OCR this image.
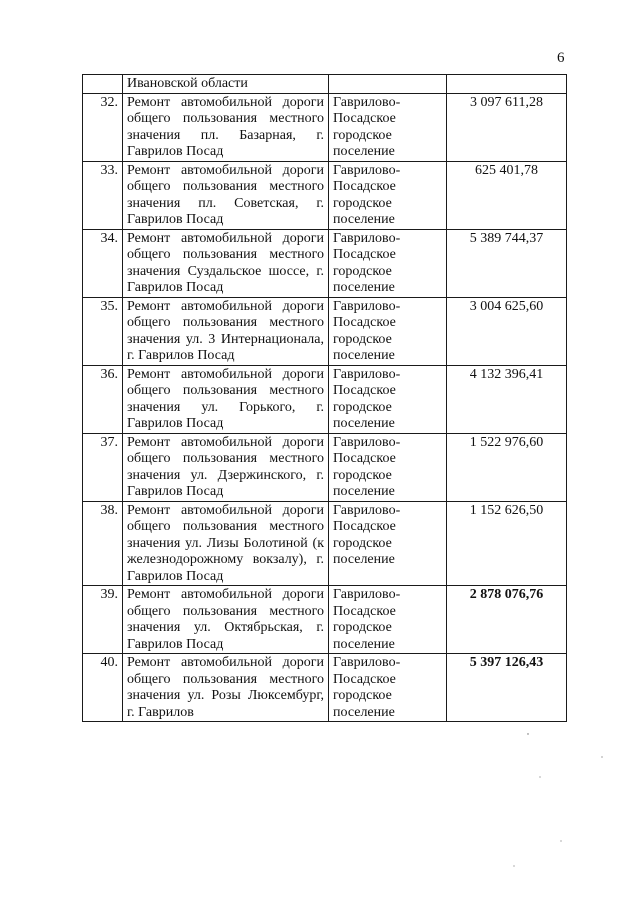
6
	Ивановской области		
32.	Ремонт автомобильной дороги общего пользования местного значения пл. Базарная, г. Гаврилов Посад	Гаврилово-Посадское городское поселение	3 097 611,28
33.	Ремонт автомобильной дороги общего пользования местного значения пл. Советская, г. Гаврилов Посад	Гаврилово-Посадское городское поселение	625 401,78
34.	Ремонт автомобильной дороги общего пользования местного значения Суздальское шоссе, г. Гаврилов Посад	Гаврилово-Посадское городское поселение	5 389 744,37
35.	Ремонт автомобильной дороги общего пользования местного значения ул. 3 Интернационала, г. Гаврилов Посад	Гаврилово-Посадское городское поселение	3 004 625,60
36.	Ремонт автомобильной дороги общего пользования местного значения ул. Горького, г. Гаврилов Посад	Гаврилово-Посадское городское поселение	4 132 396,41
37.	Ремонт автомобильной дороги общего пользования местного значения ул. Дзержинского, г. Гаврилов Посад	Гаврилово-Посадское городское поселение	1 522 976,60
38.	Ремонт автомобильной дороги общего пользования местного значения ул. Лизы Болотиной (к железнодорожному вокзалу), г. Гаврилов Посад	Гаврилово-Посадское городское поселение	1 152 626,50
39.	Ремонт автомобильной дороги общего пользования местного значения ул. Октябрьская, г. Гаврилов Посад	Гаврилово-Посадское городское поселение	2 878 076,76
40.	Ремонт автомобильной дороги общего пользования местного значения ул. Розы Люксембург, г. Гаврилов	Гаврилово-Посадское городское поселение	5 397 126,43
